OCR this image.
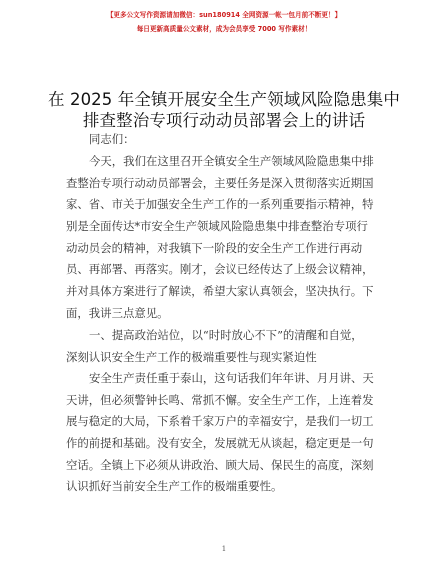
【更多公文写作资源请加微信：sun180914 全网资源一帐一包月前不断更！】
每日更新高质量公文素材，成为会员享受 7000 写作素材！
在 2025 年全镇开展安全生产领域风险隐患集中
排查整治专项行动动员部署会上的讲话
同志们：
今天，我们在这里召开全镇安全生产领域风险隐患集中排
查整治专项行动动员部署会，主要任务是深入贯彻落实近期国
家、省、市关于加强安全生产工作的一系列重要指示精神，特
别是全面传达*市安全生产领域风险隐患集中排查整治专项行
动动员会的精神，对我镇下一阶段的安全生产工作进行再动
员、再部署、再落实。刚才，会议已经传达了上级会议精神，
并对具体方案进行了解读，希望大家认真领会，坚决执行。下
面，我讲三点意见。
一、提高政治站位，以“时时放心不下”的清醒和自觉，
深刻认识安全生产工作的极端重要性与现实紧迫性
安全生产责任重于泰山，这句话我们年年讲、月月讲、天
天讲，但必须警钟长鸣、常抓不懈。安全生产工作，上连着发
展与稳定的大局，下系着千家万户的幸福安宁，是我们一切工
作的前提和基础。没有安全，发展就无从谈起，稳定更是一句
空话。全镇上下必须从讲政治、顾大局、保民生的高度，深刻
认识抓好当前安全生产工作的极端重要性。
1
